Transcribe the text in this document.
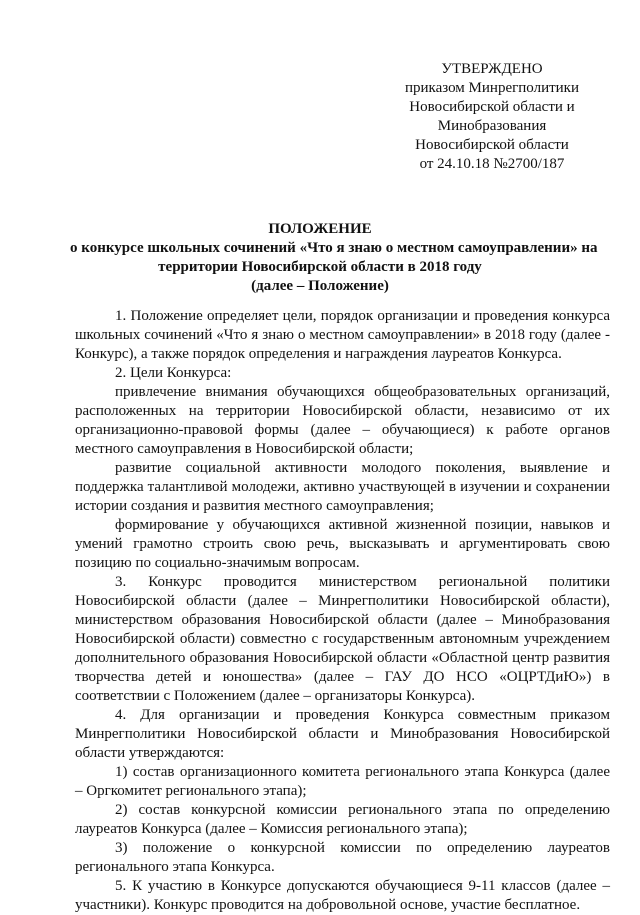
УТВЕРЖДЕНО
приказом Минрегполитики
Новосибирской области и
Минобразования
Новосибирской области
от 24.10.18 №2700/187
ПОЛОЖЕНИЕ
о конкурсе школьных сочинений «Что я знаю о местном самоуправлении» на
территории Новосибирской области в 2018 году
(далее – Положение)

1. Положение определяет цели, порядок организации и проведения конкурса школьных сочинений «Что я знаю о местном самоуправлении» в 2018 году (далее - Конкурс), а также порядок определения и награждения лауреатов Конкурса.

2. Цели Конкурса:

привлечение внимания обучающихся общеобразовательных организаций, расположенных на территории Новосибирской области, независимо от их организационно-правовой формы (далее – обучающиеся) к работе органов местного самоуправления в Новосибирской области;

развитие социальной активности молодого поколения, выявление и поддержка талантливой молодежи, активно участвующей в изучении и сохранении истории создания и развития местного самоуправления;

формирование у обучающихся активной жизненной позиции, навыков и умений грамотно строить свою речь, высказывать и аргументировать свою позицию по социально-значимым вопросам.

3. Конкурс проводится министерством региональной политики Новосибирской области (далее – Минрегполитики Новосибирской области), министерством образования Новосибирской области (далее – Минобразования Новосибирской области) совместно с государственным автономным учреждением дополнительного образования Новосибирской области «Областной центр развития творчества детей и юношества» (далее – ГАУ ДО НСО «ОЦРТДиЮ») в соответствии с Положением (далее – организаторы Конкурса).

4. Для организации и проведения Конкурса совместным приказом Минрегполитики Новосибирской области и Минобразования Новосибирской области утверждаются:

1) состав организационного комитета регионального этапа Конкурса (далее – Оргкомитет регионального этапа);

2) состав конкурсной комиссии регионального этапа по определению лауреатов Конкурса (далее – Комиссия регионального этапа);

3) положение о конкурсной комиссии по определению лауреатов регионального этапа Конкурса.

5. К участию в Конкурсе допускаются обучающиеся 9-11 классов (далее – участники). Конкурс проводится на добровольной основе, участие бесплатное.
